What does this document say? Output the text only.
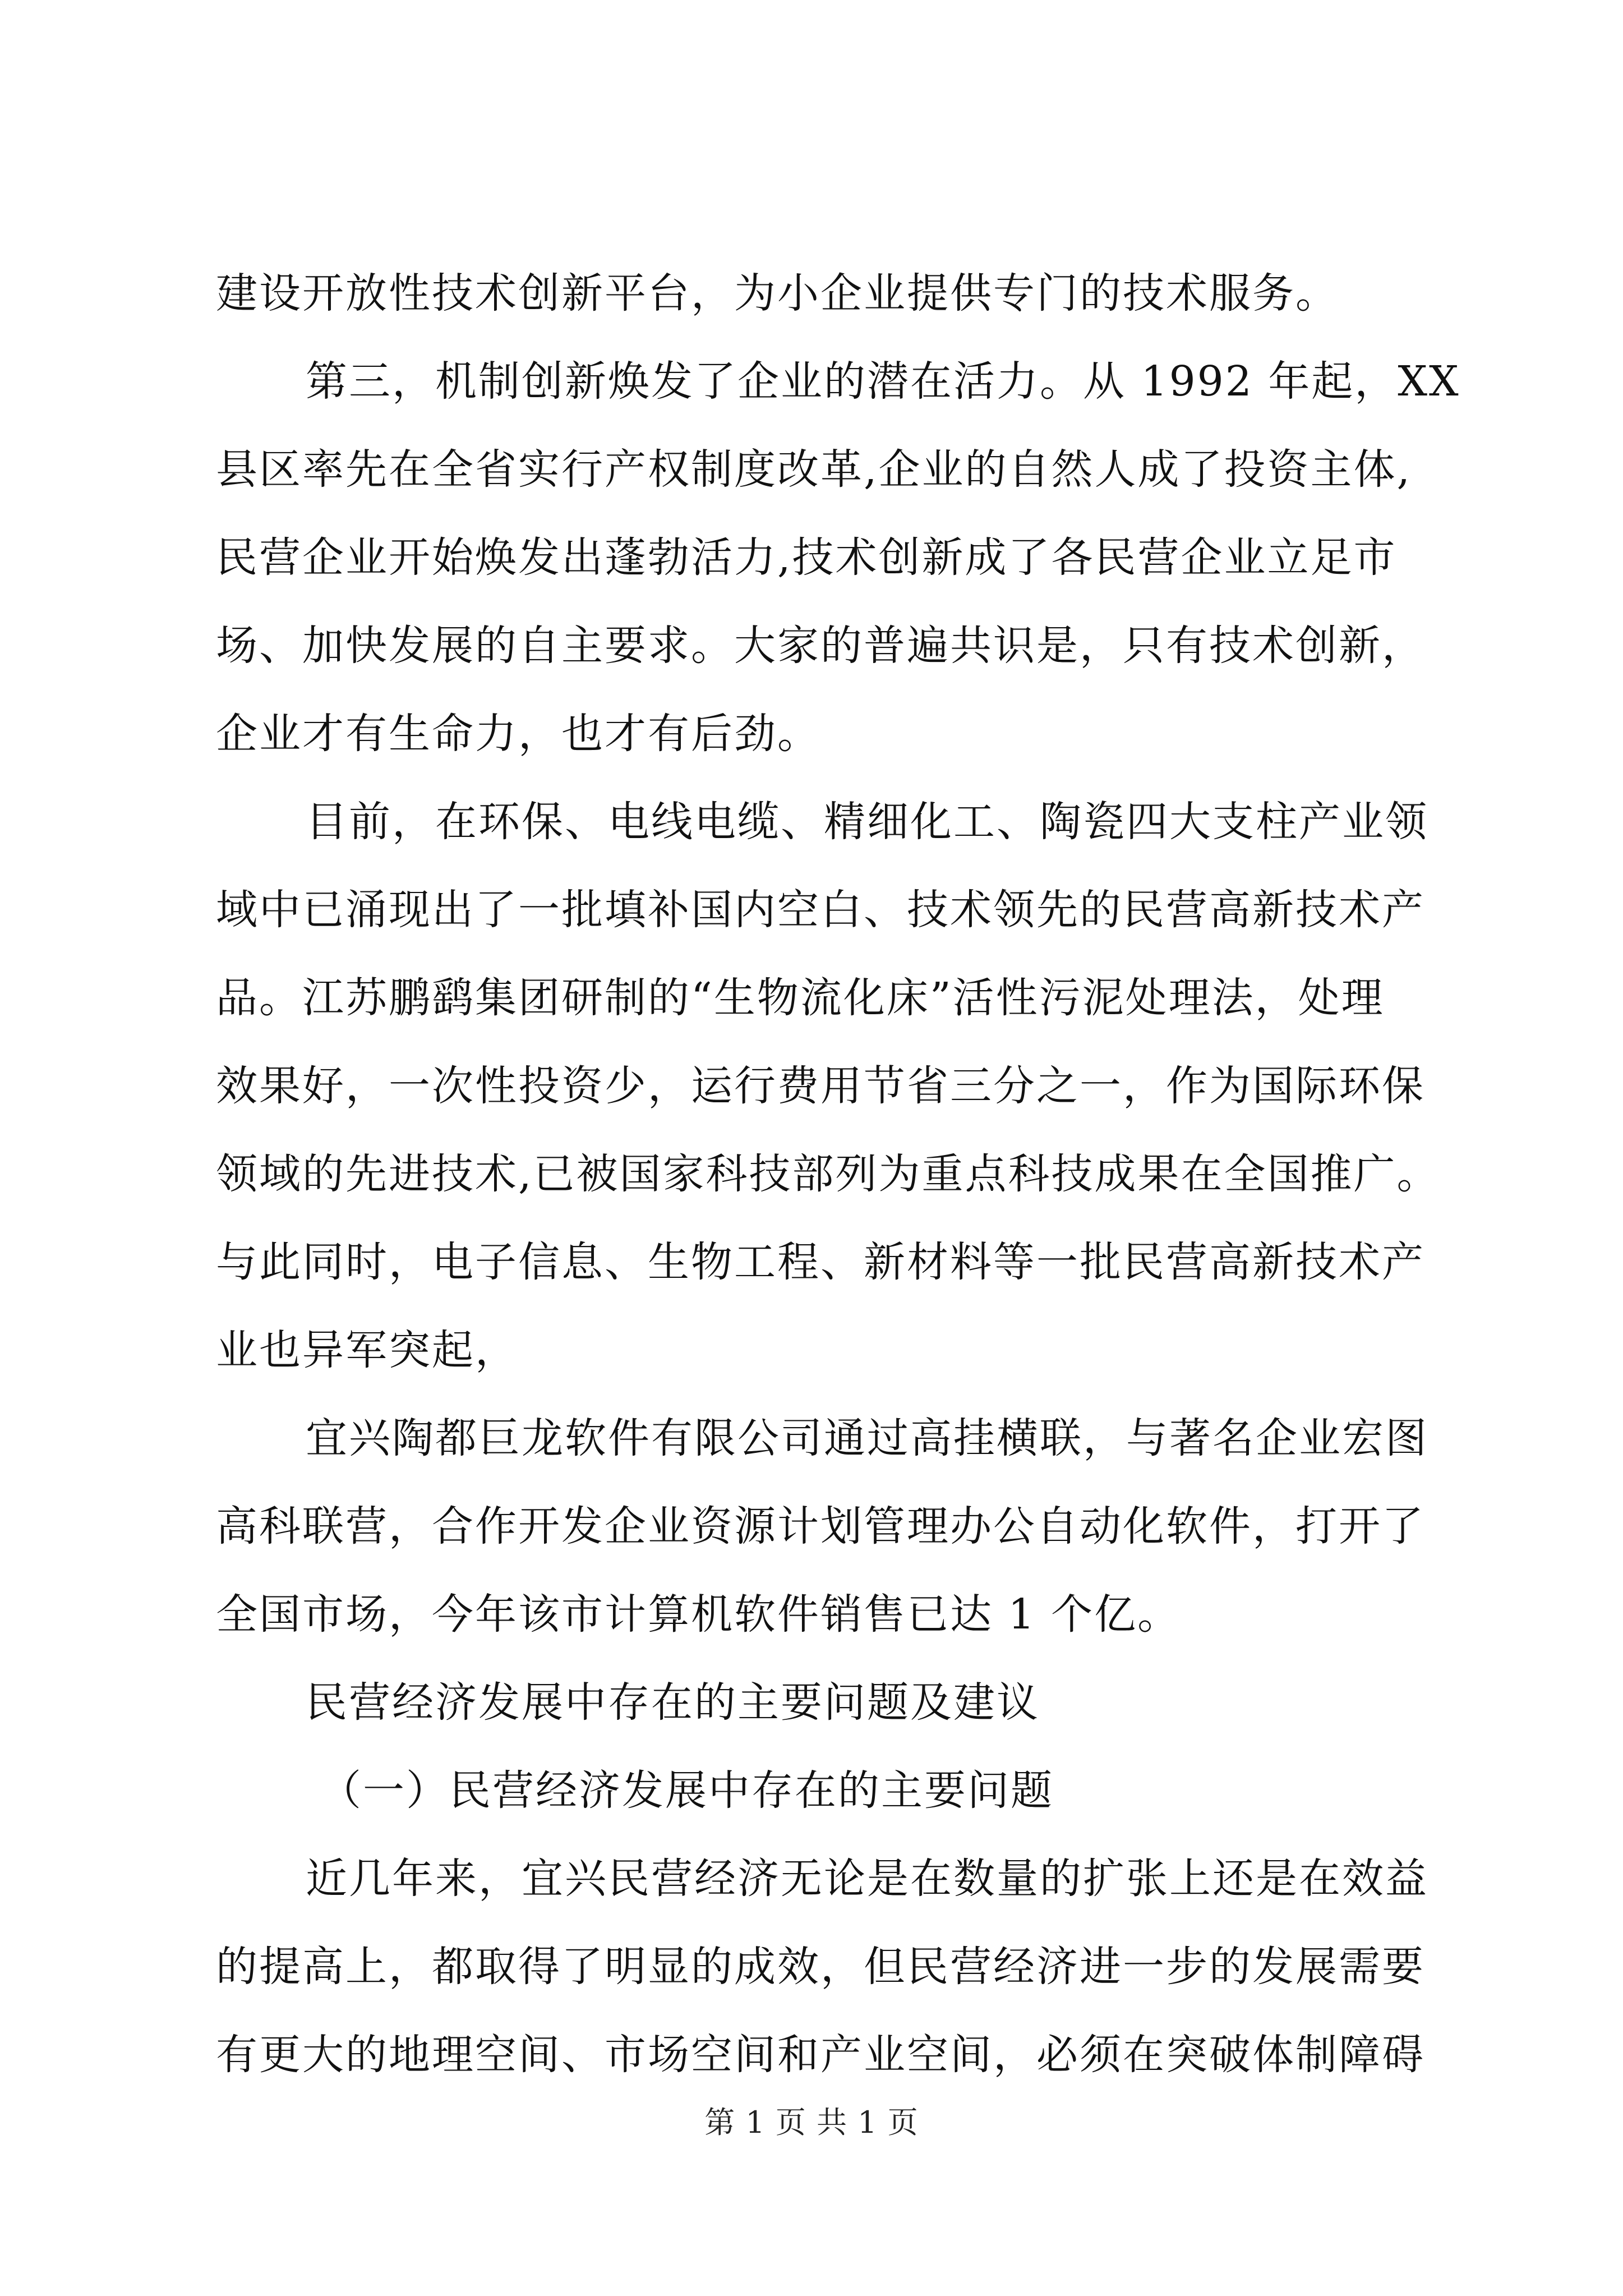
建设开放性技术创新平台，为小企业提供专门的技术服务。
第三，机制创新焕发了企业的潜在活力。从 1992 年起，XX
县区率先在全省实行产权制度改革,企业的自然人成了投资主体,
民营企业开始焕发出蓬勃活力,技术创新成了各民营企业立足市
场、加快发展的自主要求。大家的普遍共识是，只有技术创新，
企业才有生命力，也才有后劲。
目前，在环保、电线电缆、精细化工、陶瓷四大支柱产业领
域中已涌现出了一批填补国内空白、技术领先的民营高新技术产
品。江苏鹏鹞集团研制的“生物流化床”活性污泥处理法，处理
效果好，一次性投资少，运行费用节省三分之一，作为国际环保
领域的先进技术,已被国家科技部列为重点科技成果在全国推广。
与此同时，电子信息、生物工程、新材料等一批民营高新技术产
业也异军突起，
宜兴陶都巨龙软件有限公司通过高挂横联，与著名企业宏图
高科联营，合作开发企业资源计划管理办公自动化软件，打开了
全国市场，今年该市计算机软件销售已达 1 个亿。
民营经济发展中存在的主要问题及建议
（一）民营经济发展中存在的主要问题
近几年来，宜兴民营经济无论是在数量的扩张上还是在效益
的提高上，都取得了明显的成效，但民营经济进一步的发展需要
有更大的地理空间、市场空间和产业空间，必须在突破体制障碍
第 1 页 共 1 页
